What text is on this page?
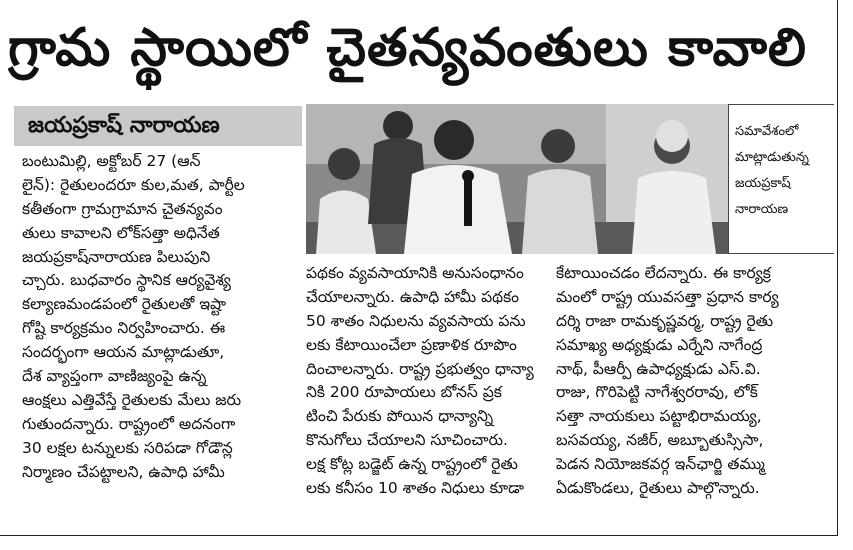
గ్రామ స్థాయిలో చైతన్యవంతులు కావాలి
జయప్రకాష్ నారాయణ
బంటుమిల్లి, అక్టోబర్ 27 (ఆన్
లైన్): రైతులందరూ కుల,మత, పార్టీల
కతీతంగా గ్రామగ్రామాన చైతన్యవం
తులు కావాలని లోక్‌సత్తా అధినేత
జయప్రకాష్‌నారాయణ పిలుపుని
చ్చారు. బుధవారం స్థానిక ఆర్యవైశ్య
కల్యాణమండపంలో రైతులతో ఇష్టా
గోష్టి కార్యక్రమం నిర్వహించారు. ఈ
సందర్భంగా ఆయన మాట్లాడుతూ,
దేశ వ్యాప్తంగా వాణిజ్యంపై ఉన్న
ఆంక్షలు ఎత్తివేస్తే రైతులకు మేలు జరు
గుతుందన్నారు. రాష్ట్రంలో అదనంగా
30 లక్షల టన్నులకు సరిపడా గోడౌన్ల
నిర్మాణం చేపట్టాలని, ఉపాధి హామీ
సమావేశంలో
మాట్లాడుతున్న
జయప్రకాష్
నారాయణ
పథకం వ్యవసాయానికి అనుసంధానం
చేయాలన్నారు. ఉపాధి హామీ పథకం
50 శాతం నిధులను వ్యవసాయ పను
లకు కేటాయించేలా ప్రణాళిక రూపొం
దించాలన్నారు. రాష్ట్ర ప్రభుత్వం ధాన్యా
నికి 200 రూపాయలు బోనస్ ప్రక
టించి పేరుకు పోయిన ధాన్యాన్ని
కొనుగోలు చేయాలని సూచించారు.
లక్ష కోట్ల బడ్జెట్ ఉన్న రాష్ట్రంలో రైతు
లకు కనీసం 10 శాతం నిధులు కూడా
కేటాయించడం లేదన్నారు. ఈ కార్యక్ర
మంలో రాష్ట్ర యువసత్తా ప్రధాన కార్య
దర్శి రాజా రామకృష్ణవర్మ, రాష్ట్ర రైతు
సమాఖ్య అధ్యక్షుడు ఎర్నేని నాగేంద్ర
నాథ్, పీఆర్పీ ఉపాధ్యక్షుడు ఎస్.వి.
రాజు, గొరిపెట్టి నాగేశ్వరరావు, లోక్
సత్తా నాయకులు పట్టాభిరామయ్య,
బసవయ్య, నజీర్, అబ్బూతుస్సిసా,
పెడన నియోజకవర్గ ఇన్‌ఛార్జి తమ్ము
ఏడుకొండలు, రైతులు పాల్గొన్నారు.
